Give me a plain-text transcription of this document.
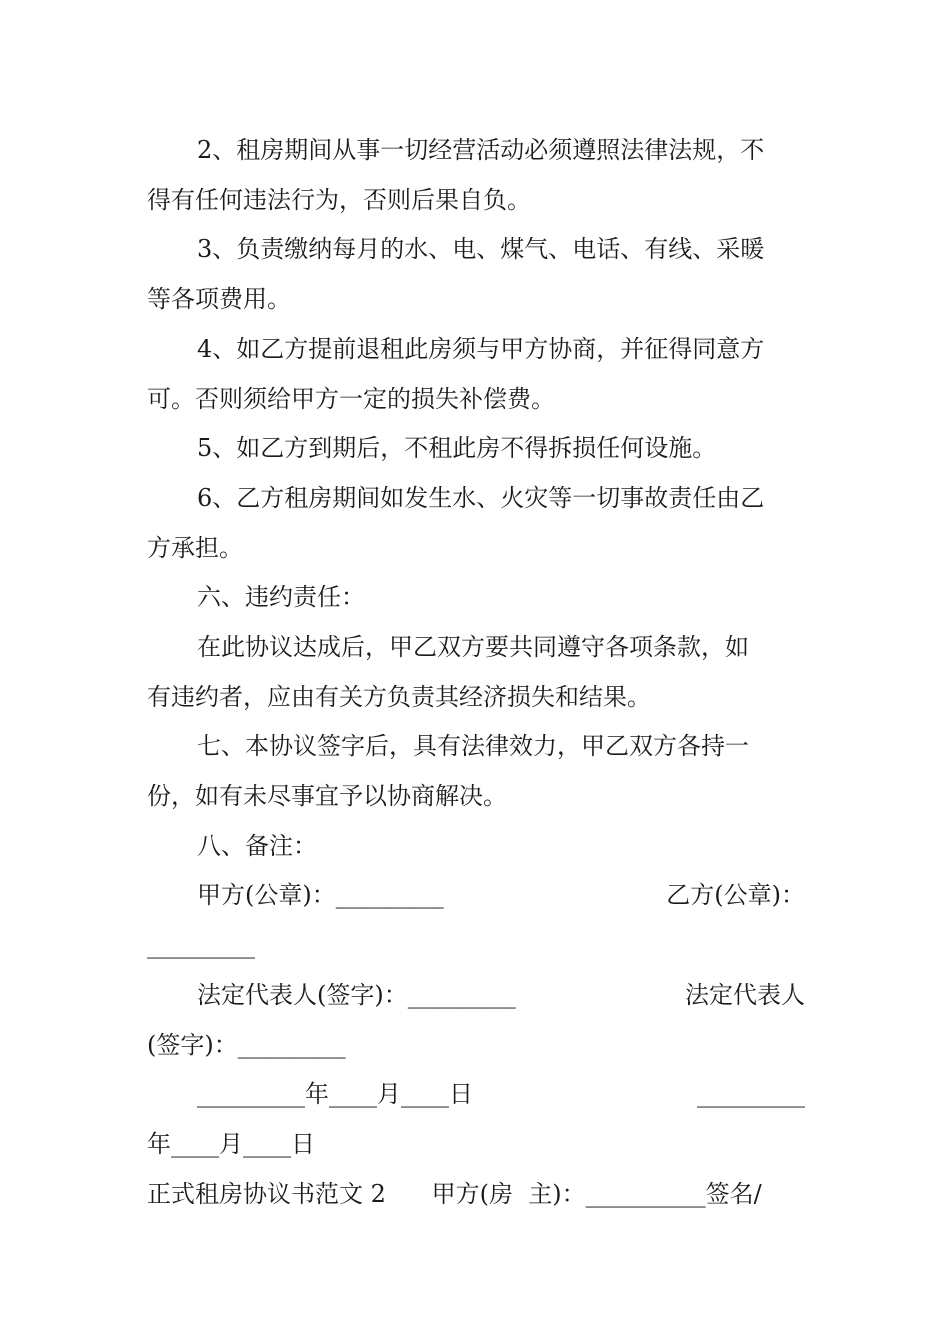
2、租房期间从事一切经营活动必须遵照法律法规，不

得有任何违法行为，否则后果自负。

3、负责缴纳每月的水、电、煤气、电话、有线、采暖

等各项费用。

4、如乙方提前退租此房须与甲方协商，并征得同意方

可。否则须给甲方一定的损失补偿费。

5、如乙方到期后，不租此房不得拆损任何设施。

6、乙方租房期间如发生水、火灾等一切事故责任由乙

方承担。

六、违约责任：

在此协议达成后，甲乙双方要共同遵守各项条款，如

有违约者，应由有关方负责其经济损失和结果。

七、本协议签字后，具有法律效力，甲乙双方各持一

份，如有未尽事宜予以协商解决。

八、备注：

甲方(公章)：_________	乙方(公章)：

_________

法定代表人(签字)：_________	法定代表人

(签字)：_________

_________年____月____日	_________

年____月____日

正式租房协议书范文 2      甲方(房  主)：__________签名/
